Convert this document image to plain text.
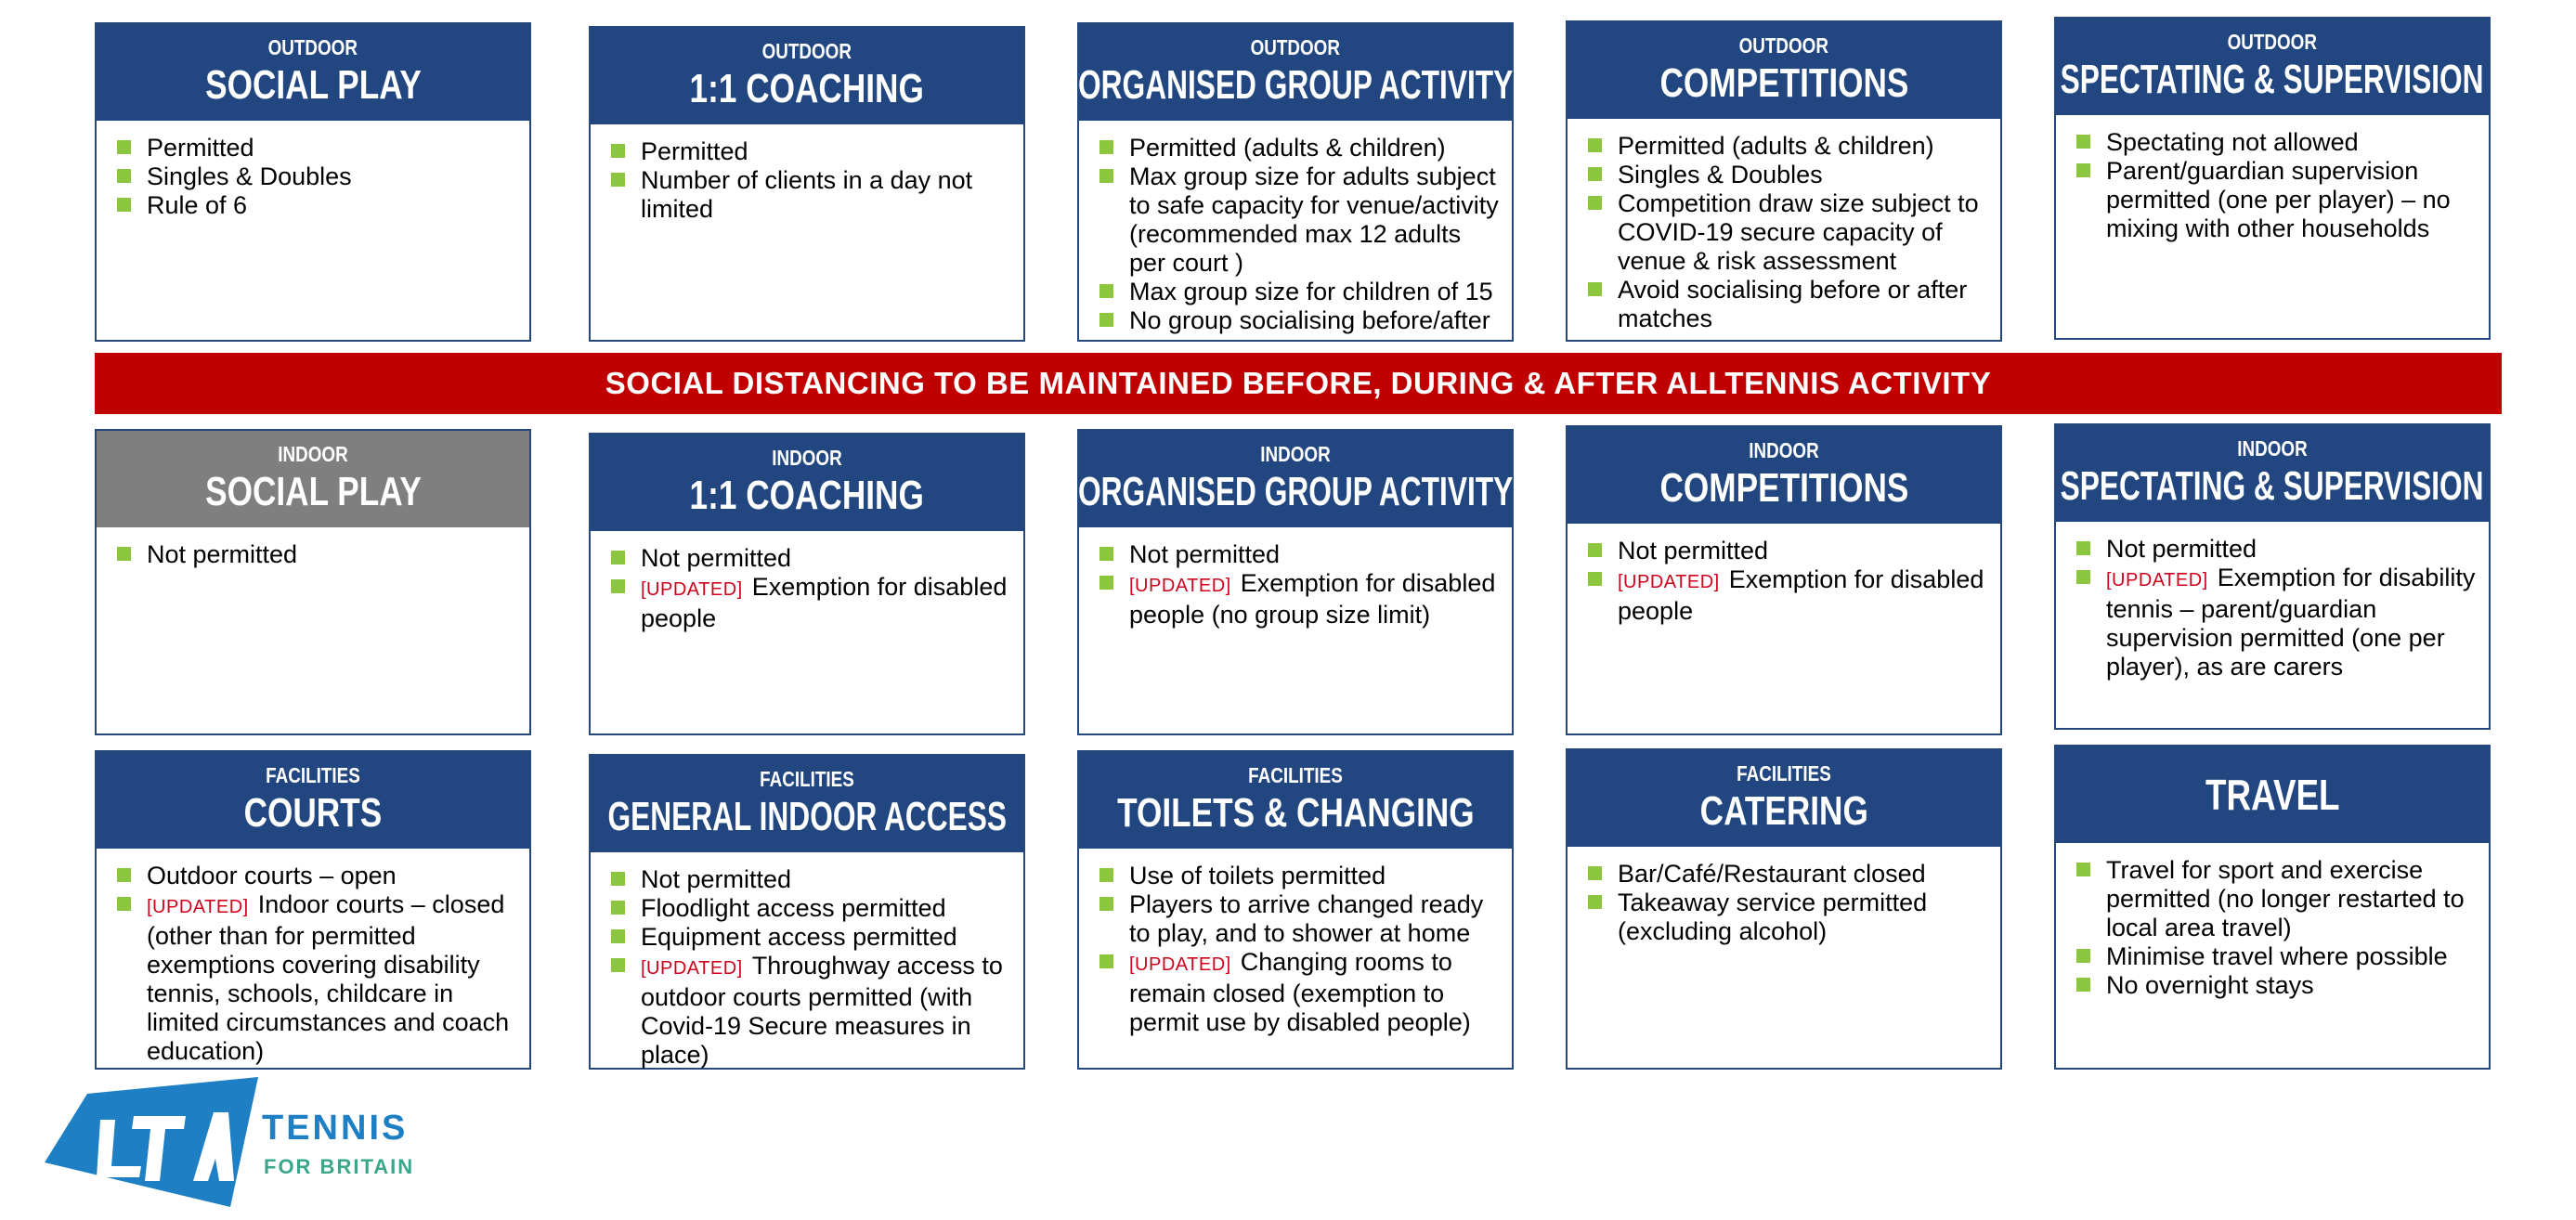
OUTDOOR
SOCIAL PLAY
Permitted
Singles & Doubles
Rule of 6
OUTDOOR
1:1 COACHING
Permitted
Number of clients in a day not limited
OUTDOOR
ORGANISED GROUP ACTIVITY
Permitted (adults & children)
Max group size for adults subject to safe capacity for venue/activity (recommended max 12 adults per court )
Max group size for children of 15
No group socialising before/after
OUTDOOR
COMPETITIONS
Permitted (adults & children)
Singles & Doubles
Competition draw size subject to COVID-19 secure capacity of venue & risk assessment
Avoid socialising before or after matches
OUTDOOR
SPECTATING & SUPERVISION
Spectating not allowed
Parent/guardian supervision permitted (one per player) – no mixing with other households
INDOOR
SOCIAL PLAY
Not permitted
INDOOR
1:1 COACHING
Not permitted
[UPDATED] Exemption for disabled people
INDOOR
ORGANISED GROUP ACTIVITY
Not permitted
[UPDATED] Exemption for disabled people (no group size limit)
INDOOR
COMPETITIONS
Not permitted
[UPDATED] Exemption for disabled people
INDOOR
SPECTATING & SUPERVISION
Not permitted
[UPDATED] Exemption for disability tennis – parent/guardian supervision permitted (one per player), as are carers
FACILITIES
COURTS
Outdoor courts – open
[UPDATED] Indoor courts – closed (other than for permitted exemptions covering disability tennis, schools, childcare in limited circumstances and coach education)
FACILITIES
GENERAL INDOOR ACCESS
Not permitted
Floodlight access permitted
Equipment access permitted
[UPDATED] Throughway access to outdoor courts permitted (with Covid-19 Secure measures in place)
FACILITIES
TOILETS & CHANGING
Use of toilets permitted
Players to arrive changed ready to play, and to shower at home
[UPDATED] Changing rooms to remain closed (exemption to permit use by disabled people)
FACILITIES
CATERING
Bar/Café/Restaurant closed
Takeaway service permitted (excluding alcohol)
TRAVEL
Travel for sport and exercise permitted (no longer restarted to local area travel)
Minimise travel where possible
No overnight stays
SOCIAL DISTANCING TO BE MAINTAINED BEFORE, DURING & AFTER ALLTENNIS ACTIVITY
TENNIS
FOR BRITAIN
